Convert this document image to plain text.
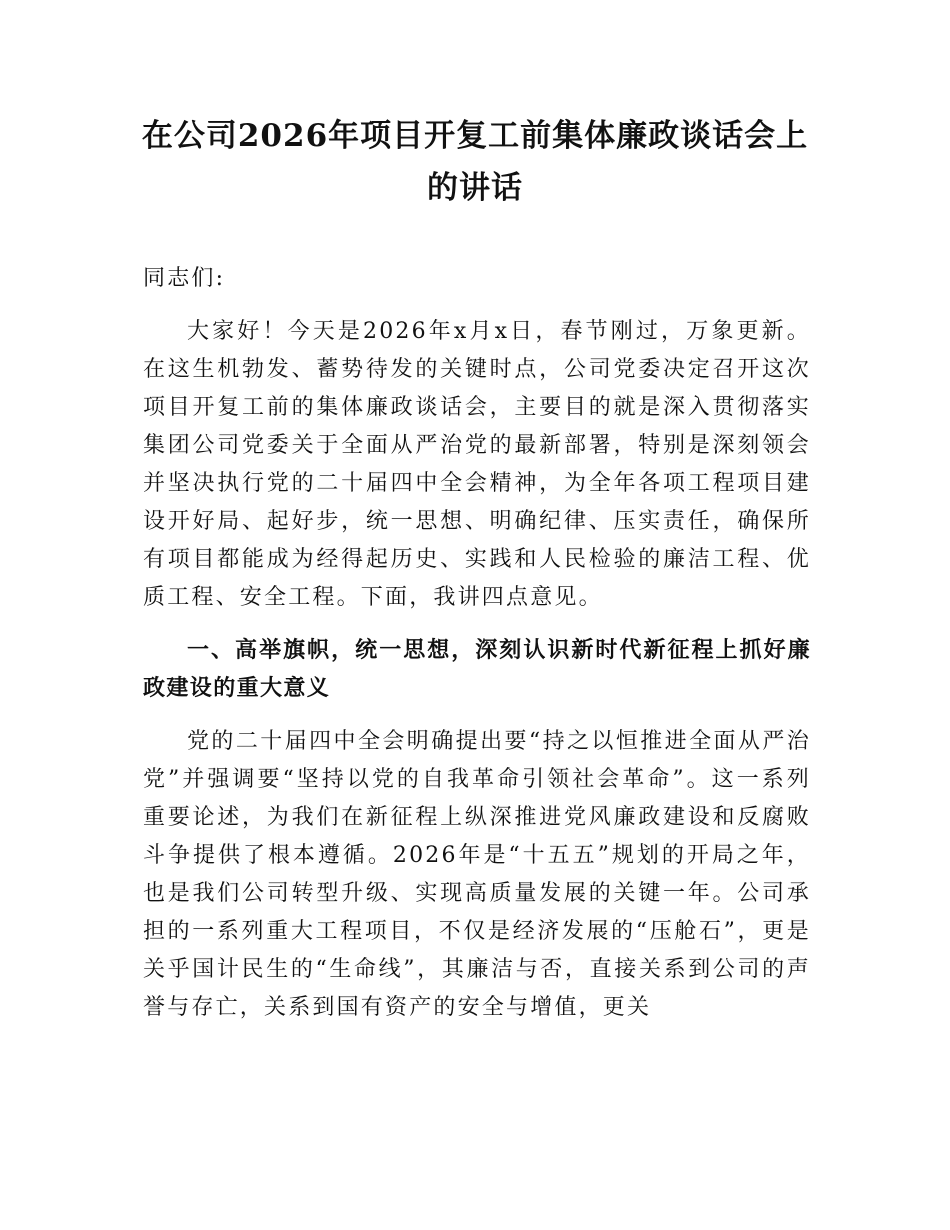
在公司2026年项目开复工前集体廉政谈话会上的讲话

同志们:

大家好！今天是2026年x月x日，春节刚过，万象更新。在这生机勃发、蓄势待发的关键时点，公司党委决定召开这次项目开复工前的集体廉政谈话会，主要目的就是深入贯彻落实集团公司党委关于全面从严治党的最新部署，特别是深刻领会并坚决执行党的二十届四中全会精神，为全年各项工程项目建设开好局、起好步，统一思想、明确纪律、压实责任，确保所有项目都能成为经得起历史、实践和人民检验的廉洁工程、优质工程、安全工程。下面，我讲四点意见。

一、高举旗帜，统一思想，深刻认识新时代新征程上抓好廉政建设的重大意义

党的二十届四中全会明确提出要“持之以恒推进全面从严治党”并强调要“坚持以党的自我革命引领社会革命”。这一系列重要论述，为我们在新征程上纵深推进党风廉政建设和反腐败斗争提供了根本遵循。2026年是“十五五”规划的开局之年，也是我们公司转型升级、实现高质量发展的关键一年。公司承担的一系列重大工程项目，不仅是经济发展的“压舱石”，更是关乎国计民生的“生命线”，其廉洁与否，直接关系到公司的声誉与存亡，关系到国有资产的安全与增值，更关
